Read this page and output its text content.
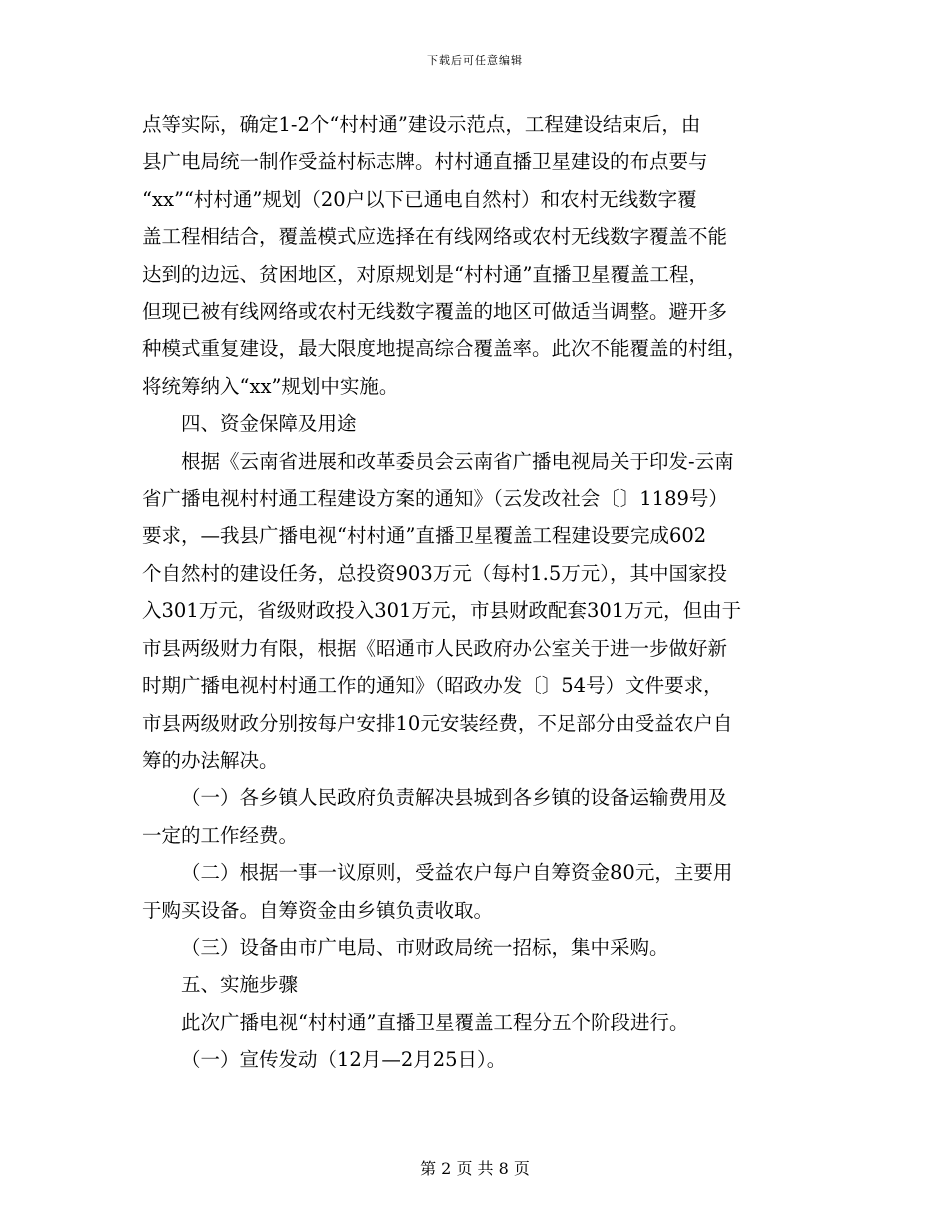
下载后可任意编辑

点等实际，确定1-2个“村村通”建设示范点，工程建设结束后，由
县广电局统一制作受益村标志牌。村村通直播卫星建设的布点要与
“xx”“村村通”规划（20户以下已通电自然村）和农村无线数字覆
盖工程相结合，覆盖模式应选择在有线网络或农村无线数字覆盖不能
达到的边远、贫困地区，对原规划是“村村通”直播卫星覆盖工程，
但现已被有线网络或农村无线数字覆盖的地区可做适当调整。避开多
种模式重复建设，最大限度地提高综合覆盖率。此次不能覆盖的村组，
将统筹纳入“xx”规划中实施。

四、资金保障及用途

根据《云南省进展和改革委员会云南省广播电视局关于印发-云南
省广播电视村村通工程建设方案的通知》（云发改社会〔〕1189号）
要求，—我县广播电视“村村通”直播卫星覆盖工程建设要完成602
个自然村的建设任务，总投资903万元（每村1.5万元），其中国家投
入301万元，省级财政投入301万元，市县财政配套301万元，但由于
市县两级财力有限，根据《昭通市人民政府办公室关于进一步做好新
时期广播电视村村通工作的通知》（昭政办发〔〕54号）文件要求，
市县两级财政分别按每户安排10元安装经费，不足部分由受益农户自
筹的办法解决。

（一）各乡镇人民政府负责解决县城到各乡镇的设备运输费用及
一定的工作经费。

（二）根据一事一议原则，受益农户每户自筹资金80元，主要用
于购买设备。自筹资金由乡镇负责收取。

（三）设备由市广电局、市财政局统一招标，集中采购。

五、实施步骤

此次广播电视“村村通”直播卫星覆盖工程分五个阶段进行。

（一）宣传发动（12月—2月25日）。

第 2 页 共 8 页
